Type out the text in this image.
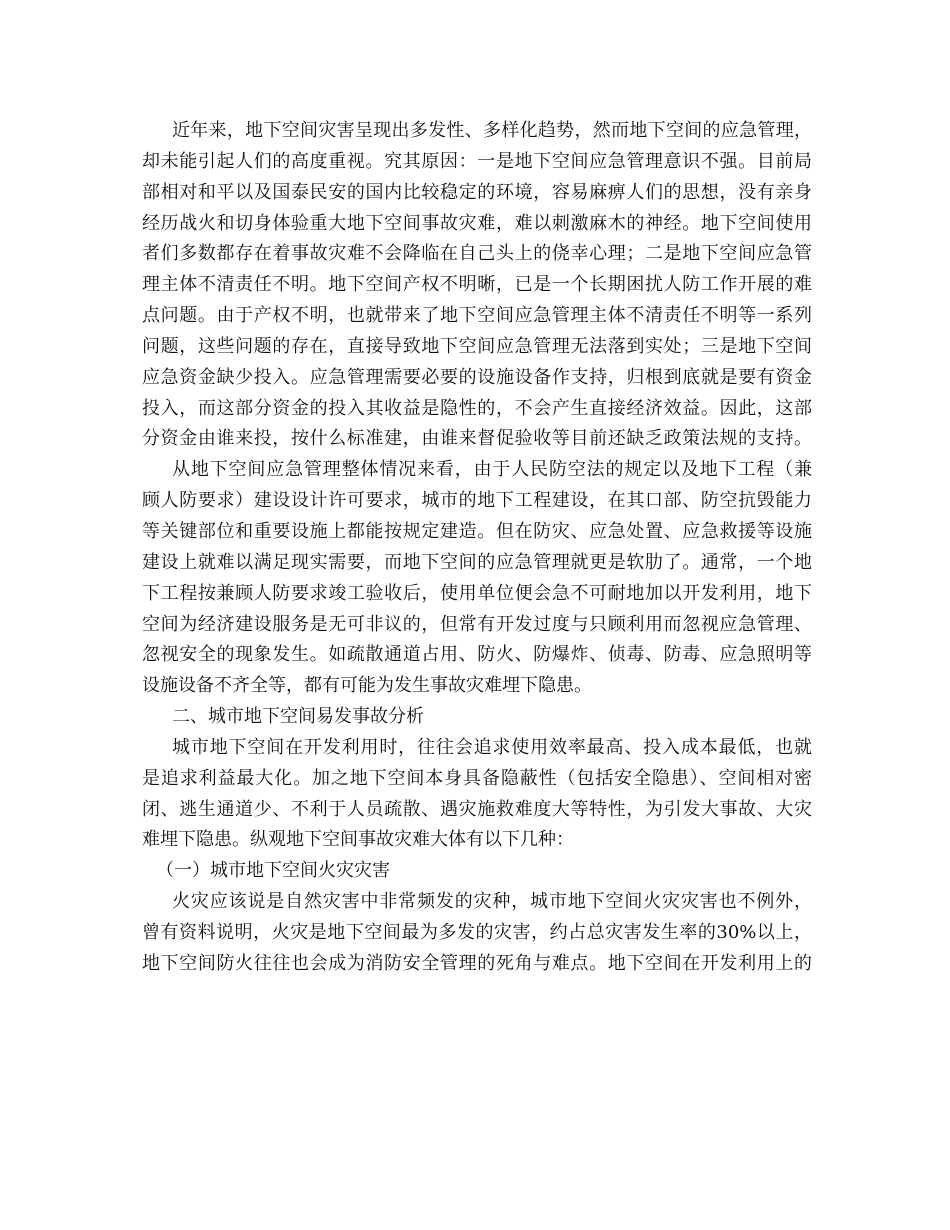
近年来，地下空间灾害呈现出多发性、多样化趋势，然而地下空间的应急管理，
却未能引起人们的高度重视。究其原因：一是地下空间应急管理意识不强。目前局
部相对和平以及国泰民安的国内比较稳定的环境，容易麻痹人们的思想，没有亲身
经历战火和切身体验重大地下空间事故灾难，难以刺激麻木的神经。地下空间使用
者们多数都存在着事故灾难不会降临在自己头上的侥幸心理；二是地下空间应急管
理主体不清责任不明。地下空间产权不明晰，已是一个长期困扰人防工作开展的难
点问题。由于产权不明，也就带来了地下空间应急管理主体不清责任不明等一系列
问题，这些问题的存在，直接导致地下空间应急管理无法落到实处；三是地下空间
应急资金缺少投入。应急管理需要必要的设施设备作支持，归根到底就是要有资金
投入，而这部分资金的投入其收益是隐性的，不会产生直接经济效益。因此，这部
分资金由谁来投，按什么标准建，由谁来督促验收等目前还缺乏政策法规的支持。
从地下空间应急管理整体情况来看，由于人民防空法的规定以及地下工程（兼
顾人防要求）建设设计许可要求，城市的地下工程建设，在其口部、防空抗毁能力
等关键部位和重要设施上都能按规定建造。但在防灾、应急处置、应急救援等设施
建设上就难以满足现实需要，而地下空间的应急管理就更是软肋了。通常，一个地
下工程按兼顾人防要求竣工验收后，使用单位便会急不可耐地加以开发利用，地下
空间为经济建设服务是无可非议的，但常有开发过度与只顾利用而忽视应急管理、
忽视安全的现象发生。如疏散通道占用、防火、防爆炸、侦毒、防毒、应急照明等
设施设备不齐全等，都有可能为发生事故灾难埋下隐患。
二、城市地下空间易发事故分析
城市地下空间在开发利用时，往往会追求使用效率最高、投入成本最低，也就
是追求利益最大化。加之地下空间本身具备隐蔽性（包括安全隐患）、空间相对密
闭、逃生通道少、不利于人员疏散、遇灾施救难度大等特性，为引发大事故、大灾
难埋下隐患。纵观地下空间事故灾难大体有以下几种：
（一）城市地下空间火灾灾害
火灾应该说是自然灾害中非常频发的灾种，城市地下空间火灾灾害也不例外，
曾有资料说明，火灾是地下空间最为多发的灾害，约占总灾害发生率的30%以上，
地下空间防火往往也会成为消防安全管理的死角与难点。地下空间在开发利用上的
